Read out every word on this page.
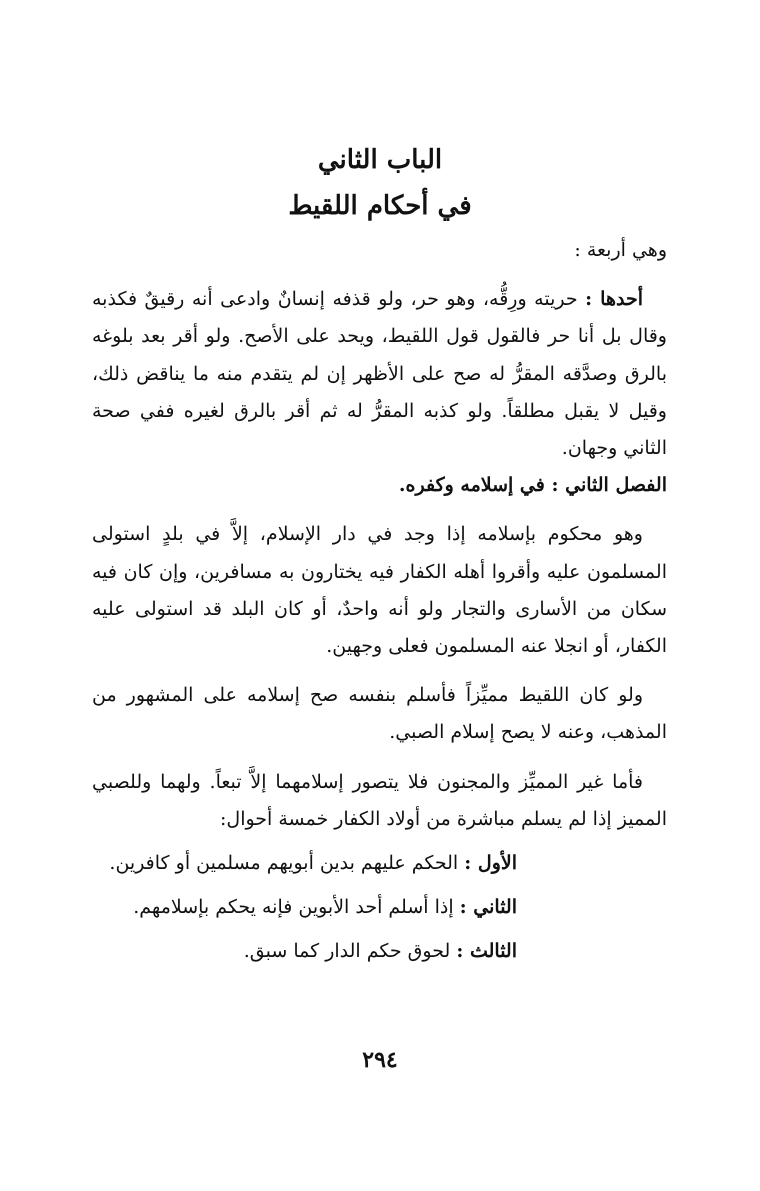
الباب الثاني
في أحكام اللقيط

وهي أربعة :

أحدها : حريته ورِقُّه، وهو حر، ولو قذفه إنسانٌ وادعى أنه رقيقٌ فكذبه وقال بل أنا حر فالقول قول اللقيط، ويحد على الأصح. ولو أقر بعد بلوغه بالرق وصدَّقه المقرُّ له صح على الأظهر إن لم يتقدم منه ما يناقض ذلك، وقيل لا يقبل مطلقاً. ولو كذبه المقرُّ له ثم أقر بالرق لغيره ففي صحة الثاني وجهان.

الفصل الثاني : في إسلامه وكفره.

وهو محكوم بإسلامه إذا وجد في دار الإسلام، إلاَّ في بلدٍ استولى المسلمون عليه وأقروا أهله الكفار فيه يختارون به مسافرين، وإن كان فيه سكان من الأسارى والتجار ولو أنه واحدٌ، أو كان البلد قد استولى عليه الكفار، أو انجلا عنه المسلمون فعلى وجهين.

ولو كان اللقيط مميِّزاً فأسلم بنفسه صح إسلامه على المشهور من المذهب، وعنه لا يصح إسلام الصبي.

فأما غير المميِّز والمجنون فلا يتصور إسلامهما إلاَّ تبعاً. ولهما وللصبي المميز إذا لم يسلم مباشرة من أولاد الكفار خمسة أحوال:

الأول : الحكم عليهم بدين أبويهم مسلمين أو كافرين.

الثاني : إذا أسلم أحد الأبوين فإنه يحكم بإسلامهم.

الثالث : لحوق حكم الدار كما سبق.

٢٩٤
